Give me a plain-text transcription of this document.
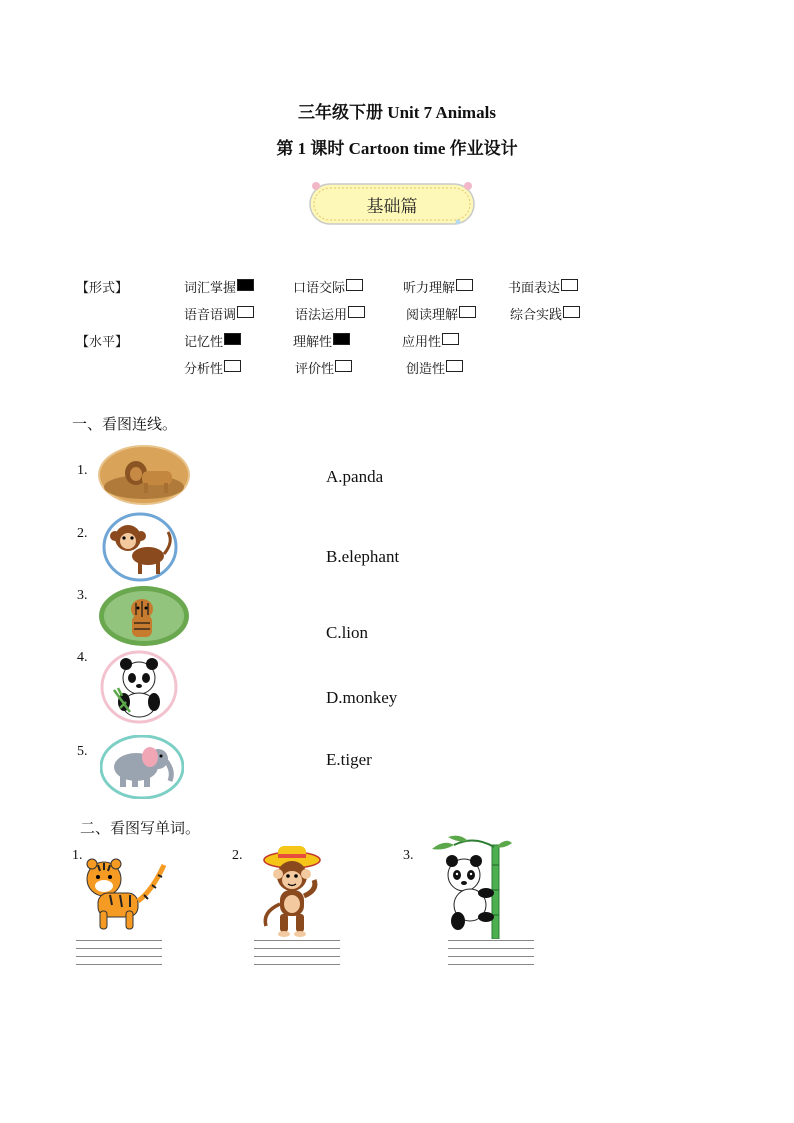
三年级下册 Unit 7 Animals
第 1 课时 Cartoon time 作业设计
基础篇
【形式】	词汇掌握	口语交际	听力理解	书面表达
语音语调	语法运用	阅读理解	综合实践
【水平】	记忆性	理解性	应用性
分析性	评价性	创造性
一、看图连线。
1.
2.
3.
4.
5.
A.panda
B.elephant
C.lion
D.monkey
E.tiger
二、看图写单词。
1.	2.	3.
